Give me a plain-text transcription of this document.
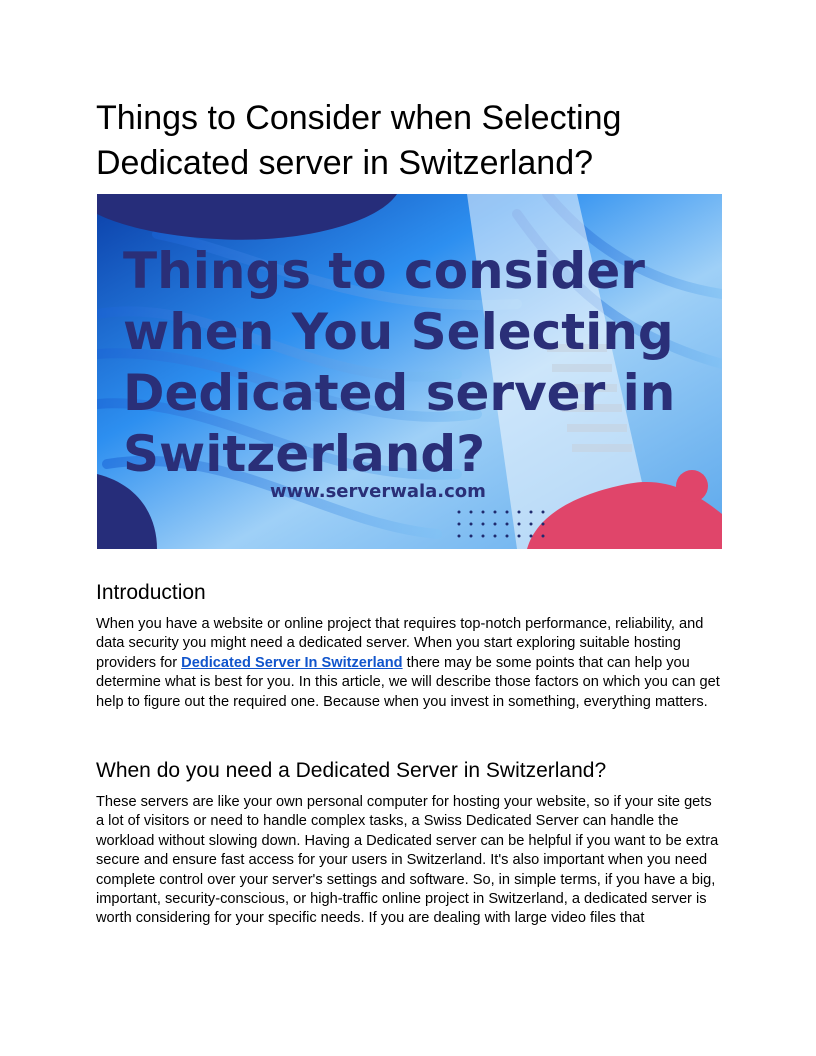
Things to Consider when Selecting
Dedicated server in Switzerland?
Things to consider
when You Selecting
Dedicated server in
Switzerland?
www.serverwala.com
Introduction

When you have a website or online project that requires top-notch performance, reliability, and data security you might need a dedicated server. When you start exploring suitable hosting providers for Dedicated Server In Switzerland there may be some points that can help you determine what is best for you. In this article, we will describe those factors on which you can get help to figure out the required one. Because when you invest in something, everything matters.

When do you need a Dedicated Server in Switzerland?

These servers are like your own personal computer for hosting your website, so if your site gets a lot of visitors or need to handle complex tasks, a Swiss Dedicated Server can handle the workload without slowing down. Having a Dedicated server can be helpful if you want to be extra secure and ensure fast access for your users in Switzerland. It's also important when you need complete control over your server's settings and software. So, in simple terms, if you have a big, important, security-conscious, or high-traffic online project in Switzerland, a dedicated server is worth considering for your specific needs. If you are dealing with large video files that
